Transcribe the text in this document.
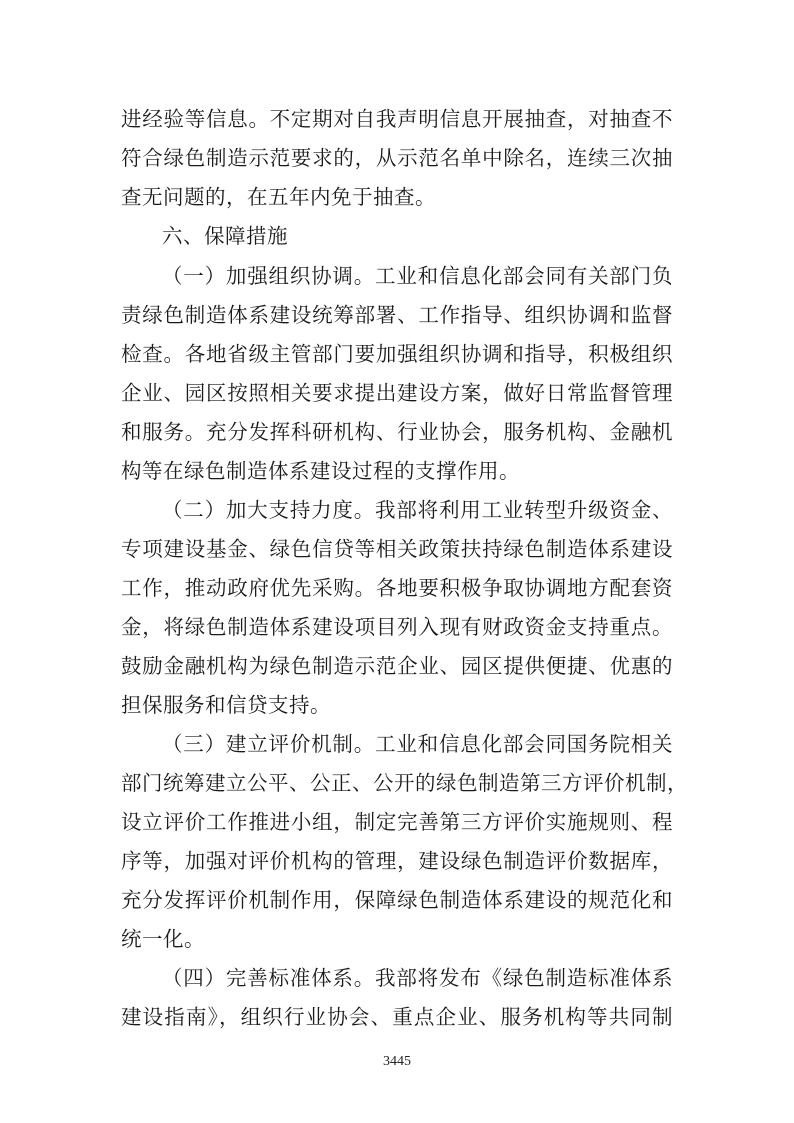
进经验等信息。不定期对自我声明信息开展抽查，对抽查不
符合绿色制造示范要求的，从示范名单中除名，连续三次抽
查无问题的，在五年内免于抽查。
六、保障措施
（一）加强组织协调。工业和信息化部会同有关部门负
责绿色制造体系建设统筹部署、工作指导、组织协调和监督
检查。各地省级主管部门要加强组织协调和指导，积极组织
企业、园区按照相关要求提出建设方案，做好日常监督管理
和服务。充分发挥科研机构、行业协会，服务机构、金融机
构等在绿色制造体系建设过程的支撑作用。
（二）加大支持力度。我部将利用工业转型升级资金、
专项建设基金、绿色信贷等相关政策扶持绿色制造体系建设
工作，推动政府优先采购。各地要积极争取协调地方配套资
金，将绿色制造体系建设项目列入现有财政资金支持重点。
鼓励金融机构为绿色制造示范企业、园区提供便捷、优惠的
担保服务和信贷支持。
（三）建立评价机制。工业和信息化部会同国务院相关
部门统筹建立公平、公正、公开的绿色制造第三方评价机制，
设立评价工作推进小组，制定完善第三方评价实施规则、程
序等，加强对评价机构的管理，建设绿色制造评价数据库，
充分发挥评价机制作用，保障绿色制造体系建设的规范化和
统一化。
（四）完善标准体系。我部将发布《绿色制造标准体系
建设指南》，组织行业协会、重点企业、服务机构等共同制
3445
